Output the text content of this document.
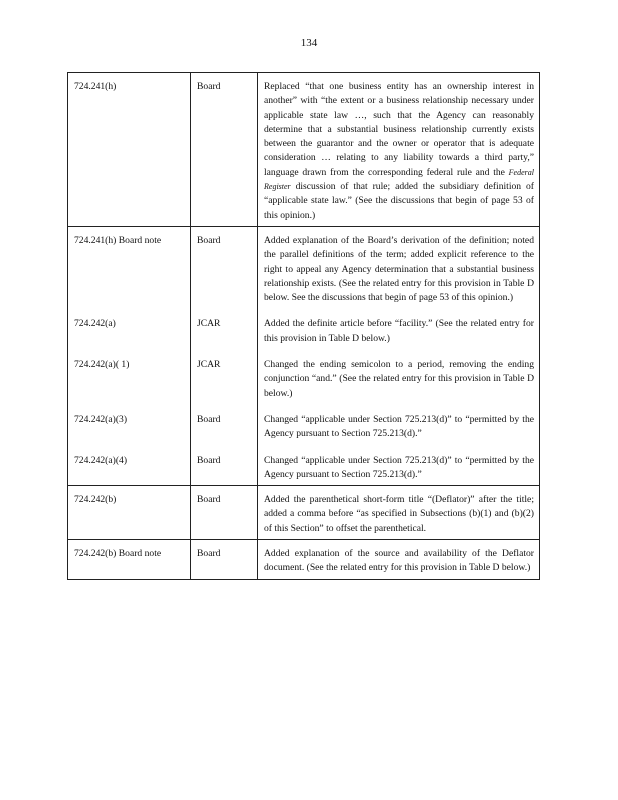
134
724.241(h)	Board	Replaced “that one business entity has an ownership interest in another” with “the extent or a business relationship necessary under applicable state law …, such that the Agency can reasonably determine that a substantial business relationship currently exists between the guarantor and the owner or operator that is adequate consideration … relating to any liability towards a third party,” language drawn from the corresponding federal rule and the Federal Register discussion of that rule; added the subsidiary definition of “applicable state law.” (See the discussions that begin of page 53 of this opinion.)
724.241(h) Board note	Board	Added explanation of the Board’s derivation of the definition; noted the parallel definitions of the term; added explicit reference to the right to appeal any Agency determination that a substantial business relationship exists. (See the related entry for this provision in Table D below. See the discussions that begin of page 53 of this opinion.)
724.242(a)	JCAR	Added the definite article before “facility.” (See the related entry for this provision in Table D below.)
724.242(a)( 1)	JCAR	Changed the ending semicolon to a period, removing the ending conjunction “and.” (See the related entry for this provision in Table D below.)
724.242(a)(3)	Board	Changed “applicable under Section 725.213(d)” to “permitted by the Agency pursuant to Section 725.213(d).”
724.242(a)(4)	Board	Changed “applicable under Section 725.213(d)” to “permitted by the Agency pursuant to Section 725.213(d).”
724.242(b)	Board	Added the parenthetical short-form title “(Deflator)” after the title; added a comma before “as specified in Subsections (b)(1) and (b)(2) of this Section” to offset the parenthetical.
724.242(b) Board note	Board	Added explanation of the source and availability of the Deflator document. (See the related entry for this provision in Table D below.)
